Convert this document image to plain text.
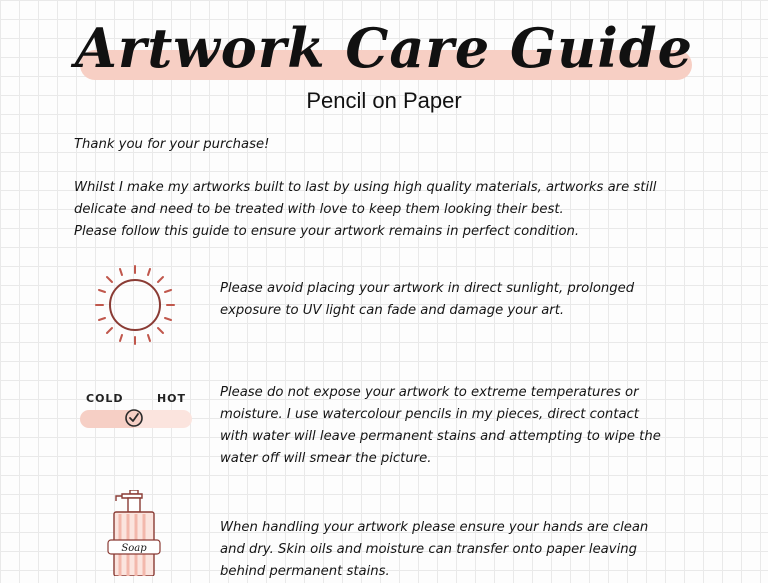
Artwork Care Guide
Pencil on Paper
Thank you for your purchase!
Whilst I make my artworks built to last by using high quality materials, artworks are still
delicate and need to be treated with love to keep them looking their best.
Please follow this guide to ensure your artwork remains in perfect condition.
Please avoid placing your artwork in direct sunlight, prolonged
exposure to UV light can fade and damage your art.
COLD	HOT	Please do not expose your artwork to extreme temperatures or
moisture. I use watercolour pencils in my pieces, direct contact
with water will leave permanent stains and attempting to wipe the
water off will smear the picture.
Soap
When handling your artwork please ensure your hands are clean
and dry. Skin oils and moisture can transfer onto paper leaving
behind permanent stains.
